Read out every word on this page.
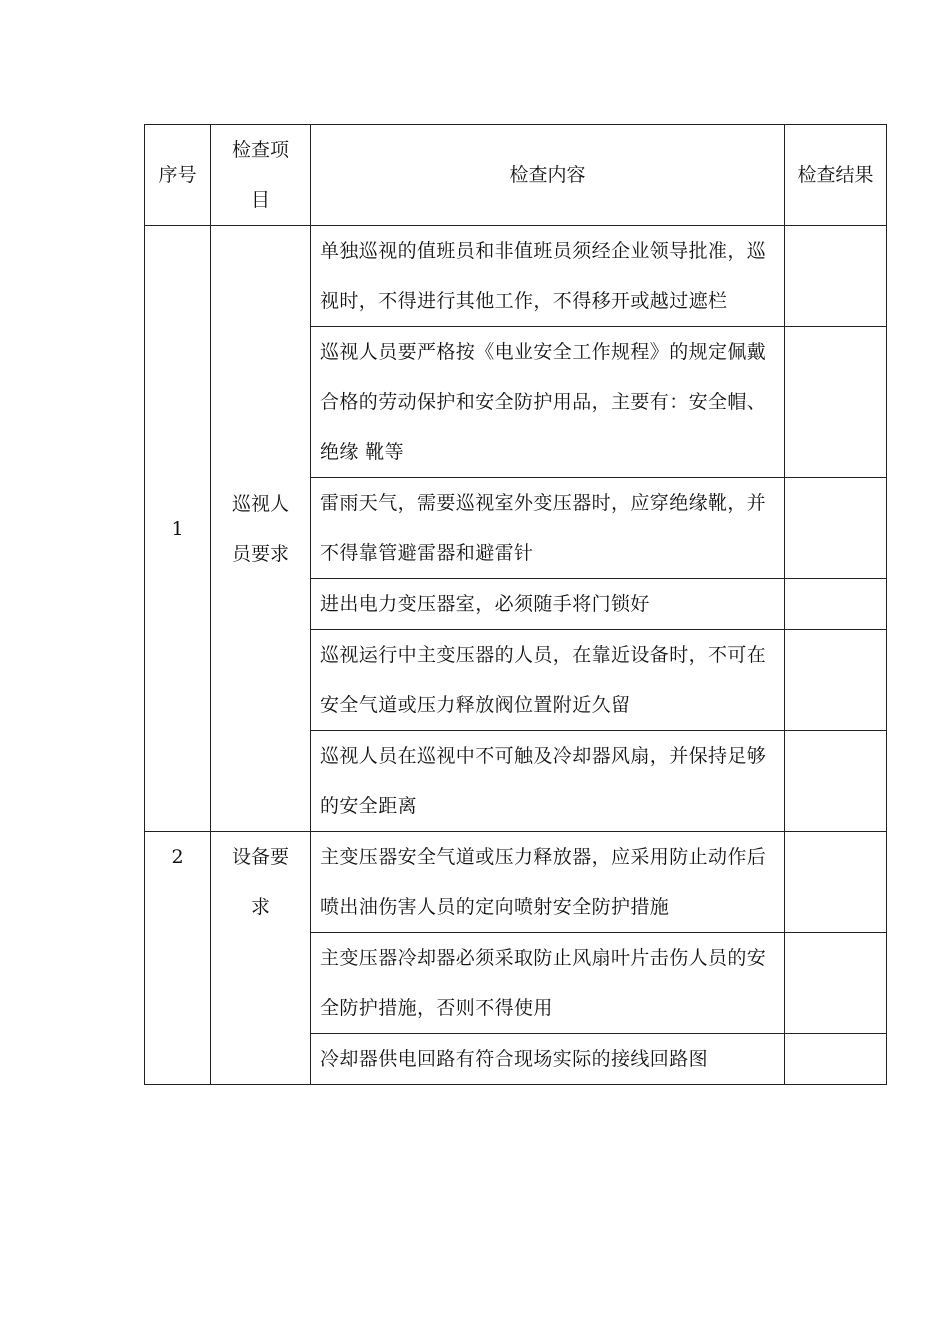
序号	检查项目	检查内容	检查结果
1	巡视人员要求	单独巡视的值班员和非值班员须经企业领导批准，巡视时，不得进行其他工作，不得移开或越过遮栏	
		巡视人员要严格按《电业安全工作规程》的规定佩戴合格的劳动保护和安全防护用品，主要有：安全帽、绝缘 靴等	
		雷雨天气，需要巡视室外变压器时，应穿绝缘靴，并不得靠管避雷器和避雷针	
		进出电力变压器室，必须随手将门锁好	
		巡视运行中主变压器的人员，在靠近设备时，不可在安全气道或压力释放阀位置附近久留	
		巡视人员在巡视中不可触及冷却器风扇，并保持足够的安全距离	
2	设备要求	主变压器安全气道或压力释放器，应采用防止动作后喷出油伤害人员的定向喷射安全防护措施	
		主变压器冷却器必须采取防止风扇叶片击伤人员的安全防护措施，否则不得使用	
		冷却器供电回路有符合现场实际的接线回路图	
